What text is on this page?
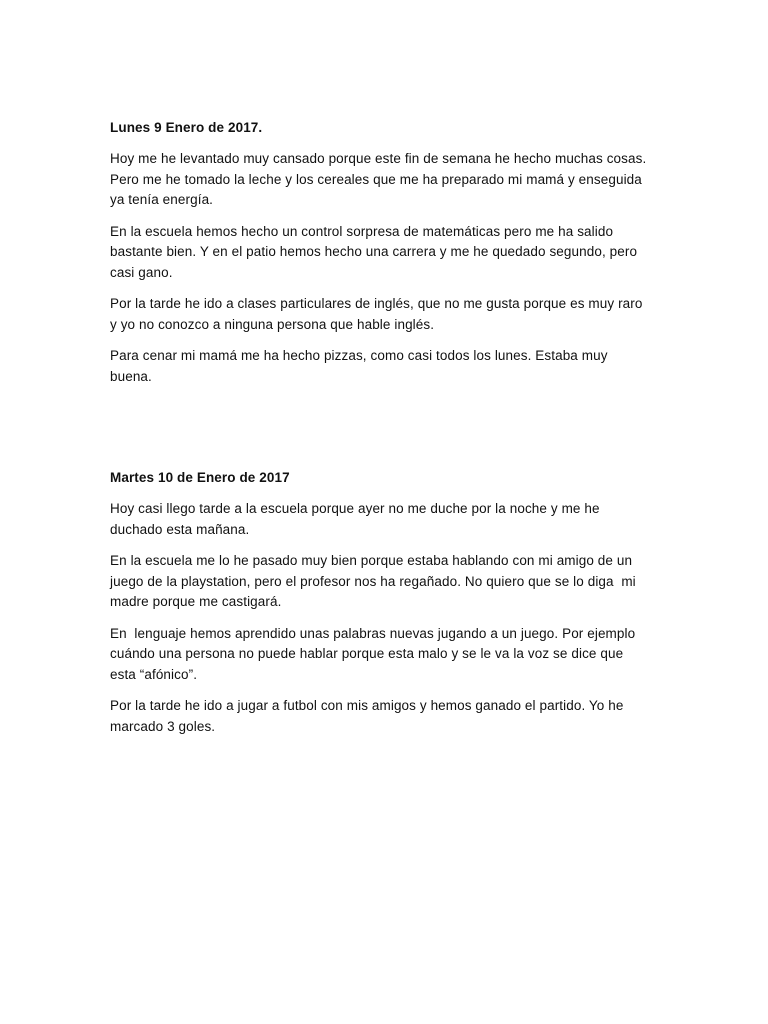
Lunes 9 Enero de 2017.

Hoy me he levantado muy cansado porque este fin de semana he hecho muchas cosas.
Pero me he tomado la leche y los cereales que me ha preparado mi mamá y enseguida
ya tenía energía.

En la escuela hemos hecho un control sorpresa de matemáticas pero me ha salido
bastante bien. Y en el patio hemos hecho una carrera y me he quedado segundo, pero
casi gano.

Por la tarde he ido a clases particulares de inglés, que no me gusta porque es muy raro
y yo no conozco a ninguna persona que hable inglés.

Para cenar mi mamá me ha hecho pizzas, como casi todos los lunes. Estaba muy
buena.

Martes 10 de Enero de 2017

Hoy casi llego tarde a la escuela porque ayer no me duche por la noche y me he
duchado esta mañana.

En la escuela me lo he pasado muy bien porque estaba hablando con mi amigo de un
juego de la playstation, pero el profesor nos ha regañado. No quiero que se lo diga  mi
madre porque me castigará.

En  lenguaje hemos aprendido unas palabras nuevas jugando a un juego. Por ejemplo
cuándo una persona no puede hablar porque esta malo y se le va la voz se dice que
esta “afónico”.

Por la tarde he ido a jugar a futbol con mis amigos y hemos ganado el partido. Yo he
marcado 3 goles.
